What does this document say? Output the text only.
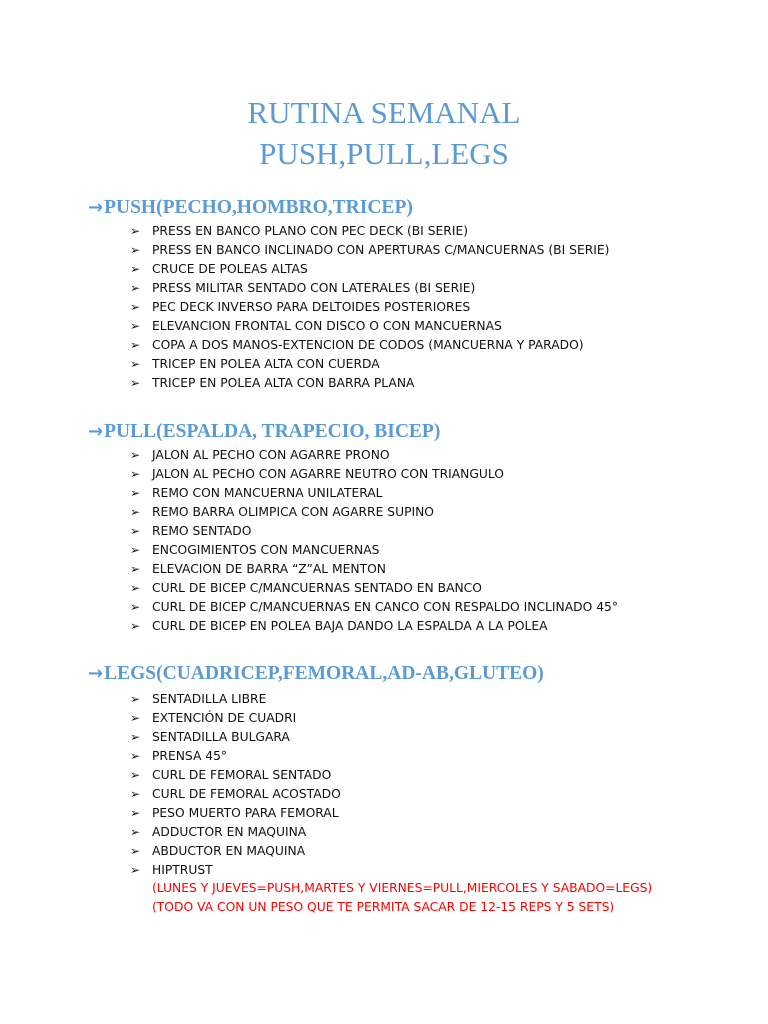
RUTINA SEMANAL
PUSH,PULL,LEGS
→PUSH(PECHO,HOMBRO,TRICEP)
➢ PRESS EN BANCO PLANO CON PEC DECK (BI SERIE)
➢ PRESS EN BANCO INCLINADO CON APERTURAS C/MANCUERNAS (BI SERIE)
➢ CRUCE DE POLEAS ALTAS
➢ PRESS MILITAR SENTADO CON LATERALES (BI SERIE)
➢ PEC DECK INVERSO PARA DELTOIDES POSTERIORES
➢ ELEVANCION FRONTAL CON DISCO O CON MANCUERNAS
➢ COPA A DOS MANOS-EXTENCION DE CODOS (MANCUERNA Y PARADO)
➢ TRICEP EN POLEA ALTA CON CUERDA
➢ TRICEP EN POLEA ALTA CON BARRA PLANA
→PULL(ESPALDA, TRAPECIO, BICEP)
➢ JALON AL PECHO CON AGARRE PRONO
➢ JALON AL PECHO CON AGARRE NEUTRO CON TRIANGULO
➢ REMO CON MANCUERNA UNILATERAL
➢ REMO BARRA OLIMPICA CON AGARRE SUPINO
➢ REMO SENTADO
➢ ENCOGIMIENTOS CON MANCUERNAS
➢ ELEVACION DE BARRA “Z”AL MENTON
➢ CURL DE BICEP C/MANCUERNAS SENTADO EN BANCO
➢ CURL DE BICEP C/MANCUERNAS EN CANCO CON RESPALDO INCLINADO 45°
➢ CURL DE BICEP EN POLEA BAJA DANDO LA ESPALDA A LA POLEA
→LEGS(CUADRICEP,FEMORAL,AD-AB,GLUTEO)
➢ SENTADILLA LIBRE
➢ EXTENCIÓN DE CUADRI
➢ SENTADILLA BULGARA
➢ PRENSA 45°
➢ CURL DE FEMORAL SENTADO
➢ CURL DE FEMORAL ACOSTADO
➢ PESO MUERTO PARA FEMORAL
➢ ADDUCTOR EN MAQUINA
➢ ABDUCTOR EN MAQUINA
➢ HIPTRUST
(LUNES Y JUEVES=PUSH,MARTES Y VIERNES=PULL,MIERCOLES Y SABADO=LEGS)
(TODO VA CON UN PESO QUE TE PERMITA SACAR DE 12-15 REPS Y 5 SETS)
